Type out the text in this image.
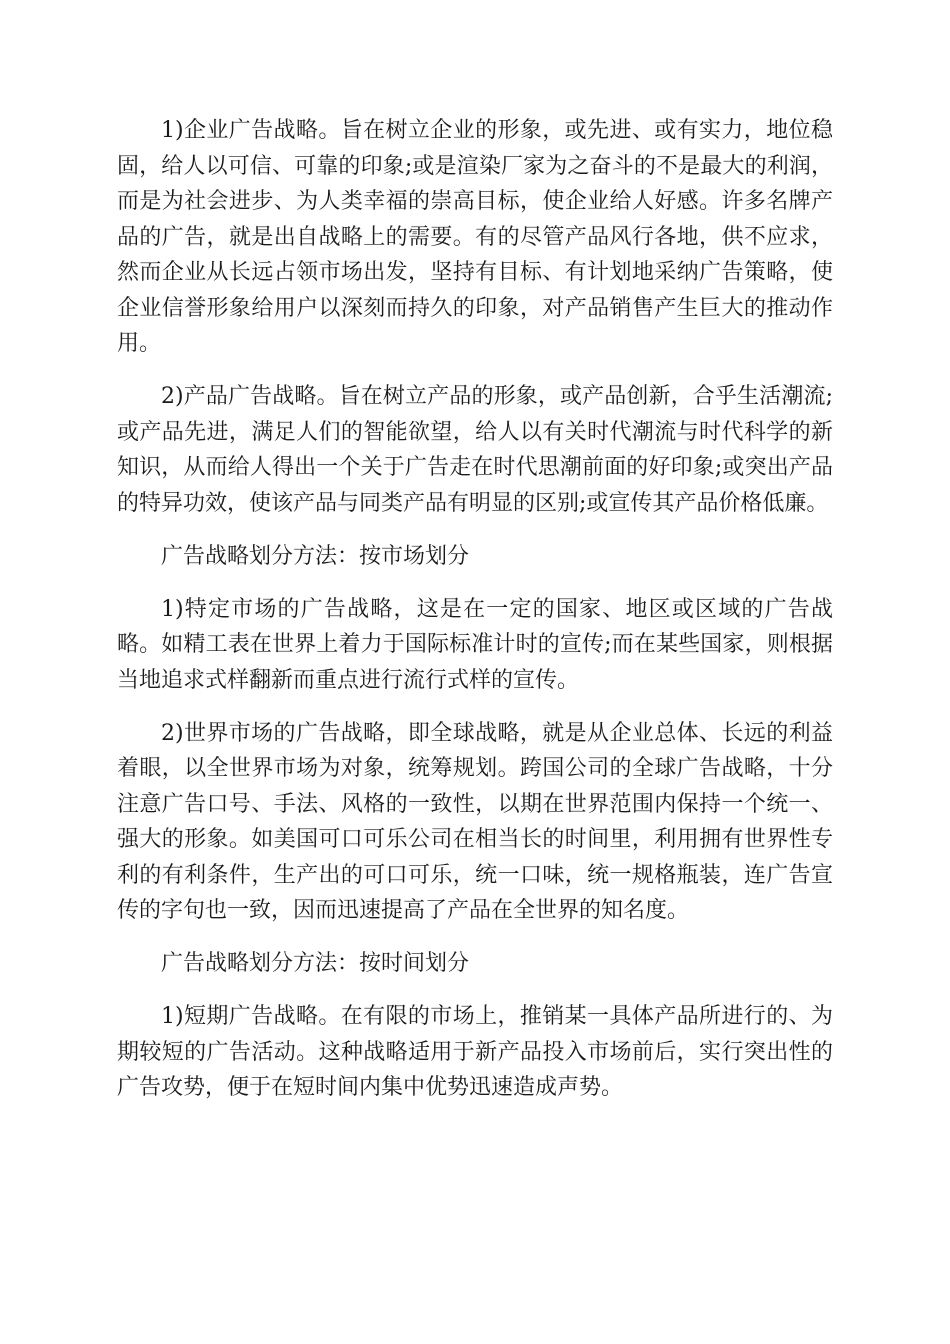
1)企业广告战略。旨在树立企业的形象，或先进、或有实力，地位稳固，给人以可信、可靠的印象;或是渲染厂家为之奋斗的不是最大的利润，而是为社会进步、为人类幸福的崇高目标，使企业给人好感。许多名牌产品的广告，就是出自战略上的需要。有的尽管产品风行各地，供不应求，然而企业从长远占领市场出发，坚持有目标、有计划地采纳广告策略，使企业信誉形象给用户以深刻而持久的印象，对产品销售产生巨大的推动作用。

2)产品广告战略。旨在树立产品的形象，或产品创新，合乎生活潮流;或产品先进，满足人们的智能欲望，给人以有关时代潮流与时代科学的新知识，从而给人得出一个关于广告走在时代思潮前面的好印象;或突出产品的特异功效，使该产品与同类产品有明显的区别;或宣传其产品价格低廉。

广告战略划分方法：按市场划分

1)特定市场的广告战略，这是在一定的国家、地区或区域的广告战略。如精工表在世界上着力于国际标准计时的宣传;而在某些国家，则根据当地追求式样翻新而重点进行流行式样的宣传。

2)世界市场的广告战略，即全球战略，就是从企业总体、长远的利益着眼，以全世界市场为对象，统筹规划。跨国公司的全球广告战略，十分注意广告口号、手法、风格的一致性，以期在世界范围内保持一个统一、强大的形象。如美国可口可乐公司在相当长的时间里，利用拥有世界性专利的有利条件，生产出的可口可乐，统一口味，统一规格瓶装，连广告宣传的字句也一致，因而迅速提高了产品在全世界的知名度。

广告战略划分方法：按时间划分

1)短期广告战略。在有限的市场上，推销某一具体产品所进行的、为期较短的广告活动。这种战略适用于新产品投入市场前后，实行突出性的广告攻势，便于在短时间内集中优势迅速造成声势。
